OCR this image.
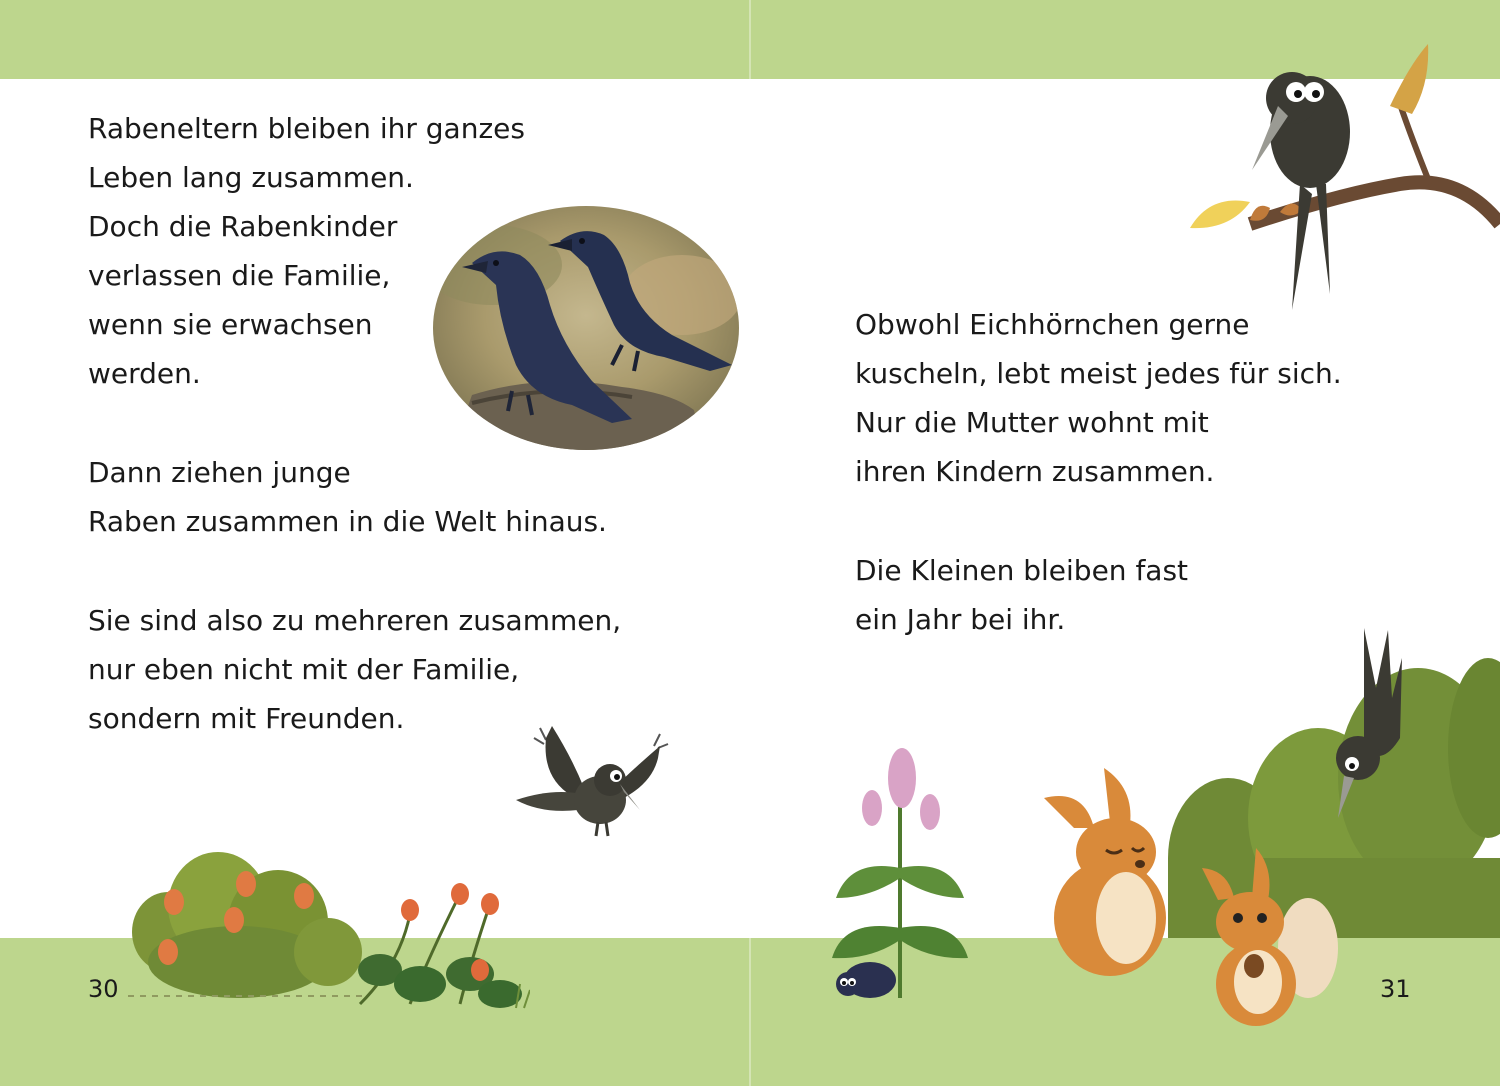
Rabeneltern bleiben ihr ganzes
Leben lang zusammen.
Doch die Rabenkinder
verlassen die Familie,
wenn sie erwachsen
werden.
Dann ziehen junge
Raben zusammen in die Welt hinaus.
Sie sind also zu mehreren zusammen,
nur eben nicht mit der Familie,
sondern mit Freunden.
30
Obwohl Eichhörnchen gerne
kuscheln, lebt meist jedes für sich.
Nur die Mutter wohnt mit
ihren Kindern zusammen.
Die Kleinen bleiben fast
ein Jahr bei ihr.
31
